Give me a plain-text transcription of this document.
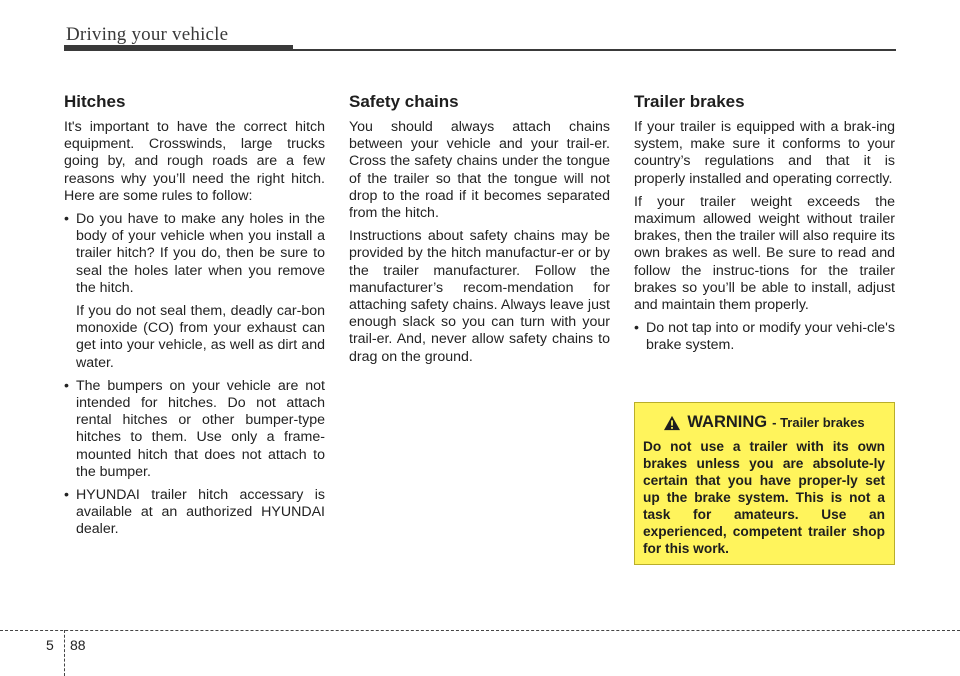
Driving your vehicle
Hitches

It's important to have the correct hitch equipment. Crosswinds, large trucks going by, and rough roads are a few reasons why you’ll need the right hitch. Here are some rules to follow:

• Do you have to make any holes in the body of your vehicle when you install a trailer hitch? If you do, then be sure to seal the holes later when you remove the hitch.

If you do not seal them, deadly car-bon monoxide (CO) from your exhaust can get into your vehicle, as well as dirt and water.

• The bumpers on your vehicle are not intended for hitches. Do not attach rental hitches or other bumper-type hitches to them. Use only a frame-mounted hitch that does not attach to the bumper.

• HYUNDAI trailer hitch accessary is available at an authorized HYUNDAI dealer.

Safety chains

You should always attach chains between your vehicle and your trail-er. Cross the safety chains under the tongue of the trailer so that the tongue will not drop to the road if it becomes separated from the hitch.

Instructions about safety chains may be provided by the hitch manufactur-er or by the trailer manufacturer. Follow the manufacturer’s recom-mendation for attaching safety chains. Always leave just enough slack so you can turn with your trail-er. And, never allow safety chains to drag on the ground.

Trailer brakes

If your trailer is equipped with a brak-ing system, make sure it conforms to your country’s regulations and that it is properly installed and operating correctly.

If your trailer weight exceeds the maximum allowed weight without trailer brakes, then the trailer will also require its own brakes as well. Be sure to read and follow the instruc-tions for the trailer brakes so you’ll be able to install, adjust and maintain them properly.

• Do not tap into or modify your vehi-cle's brake system.

WARNING - Trailer brakes

Do not use a trailer with its own brakes unless you are absolute-ly certain that you have proper-ly set up the brake system. This is not a task for amateurs. Use an experienced, competent trailer shop for this work.

5 88
